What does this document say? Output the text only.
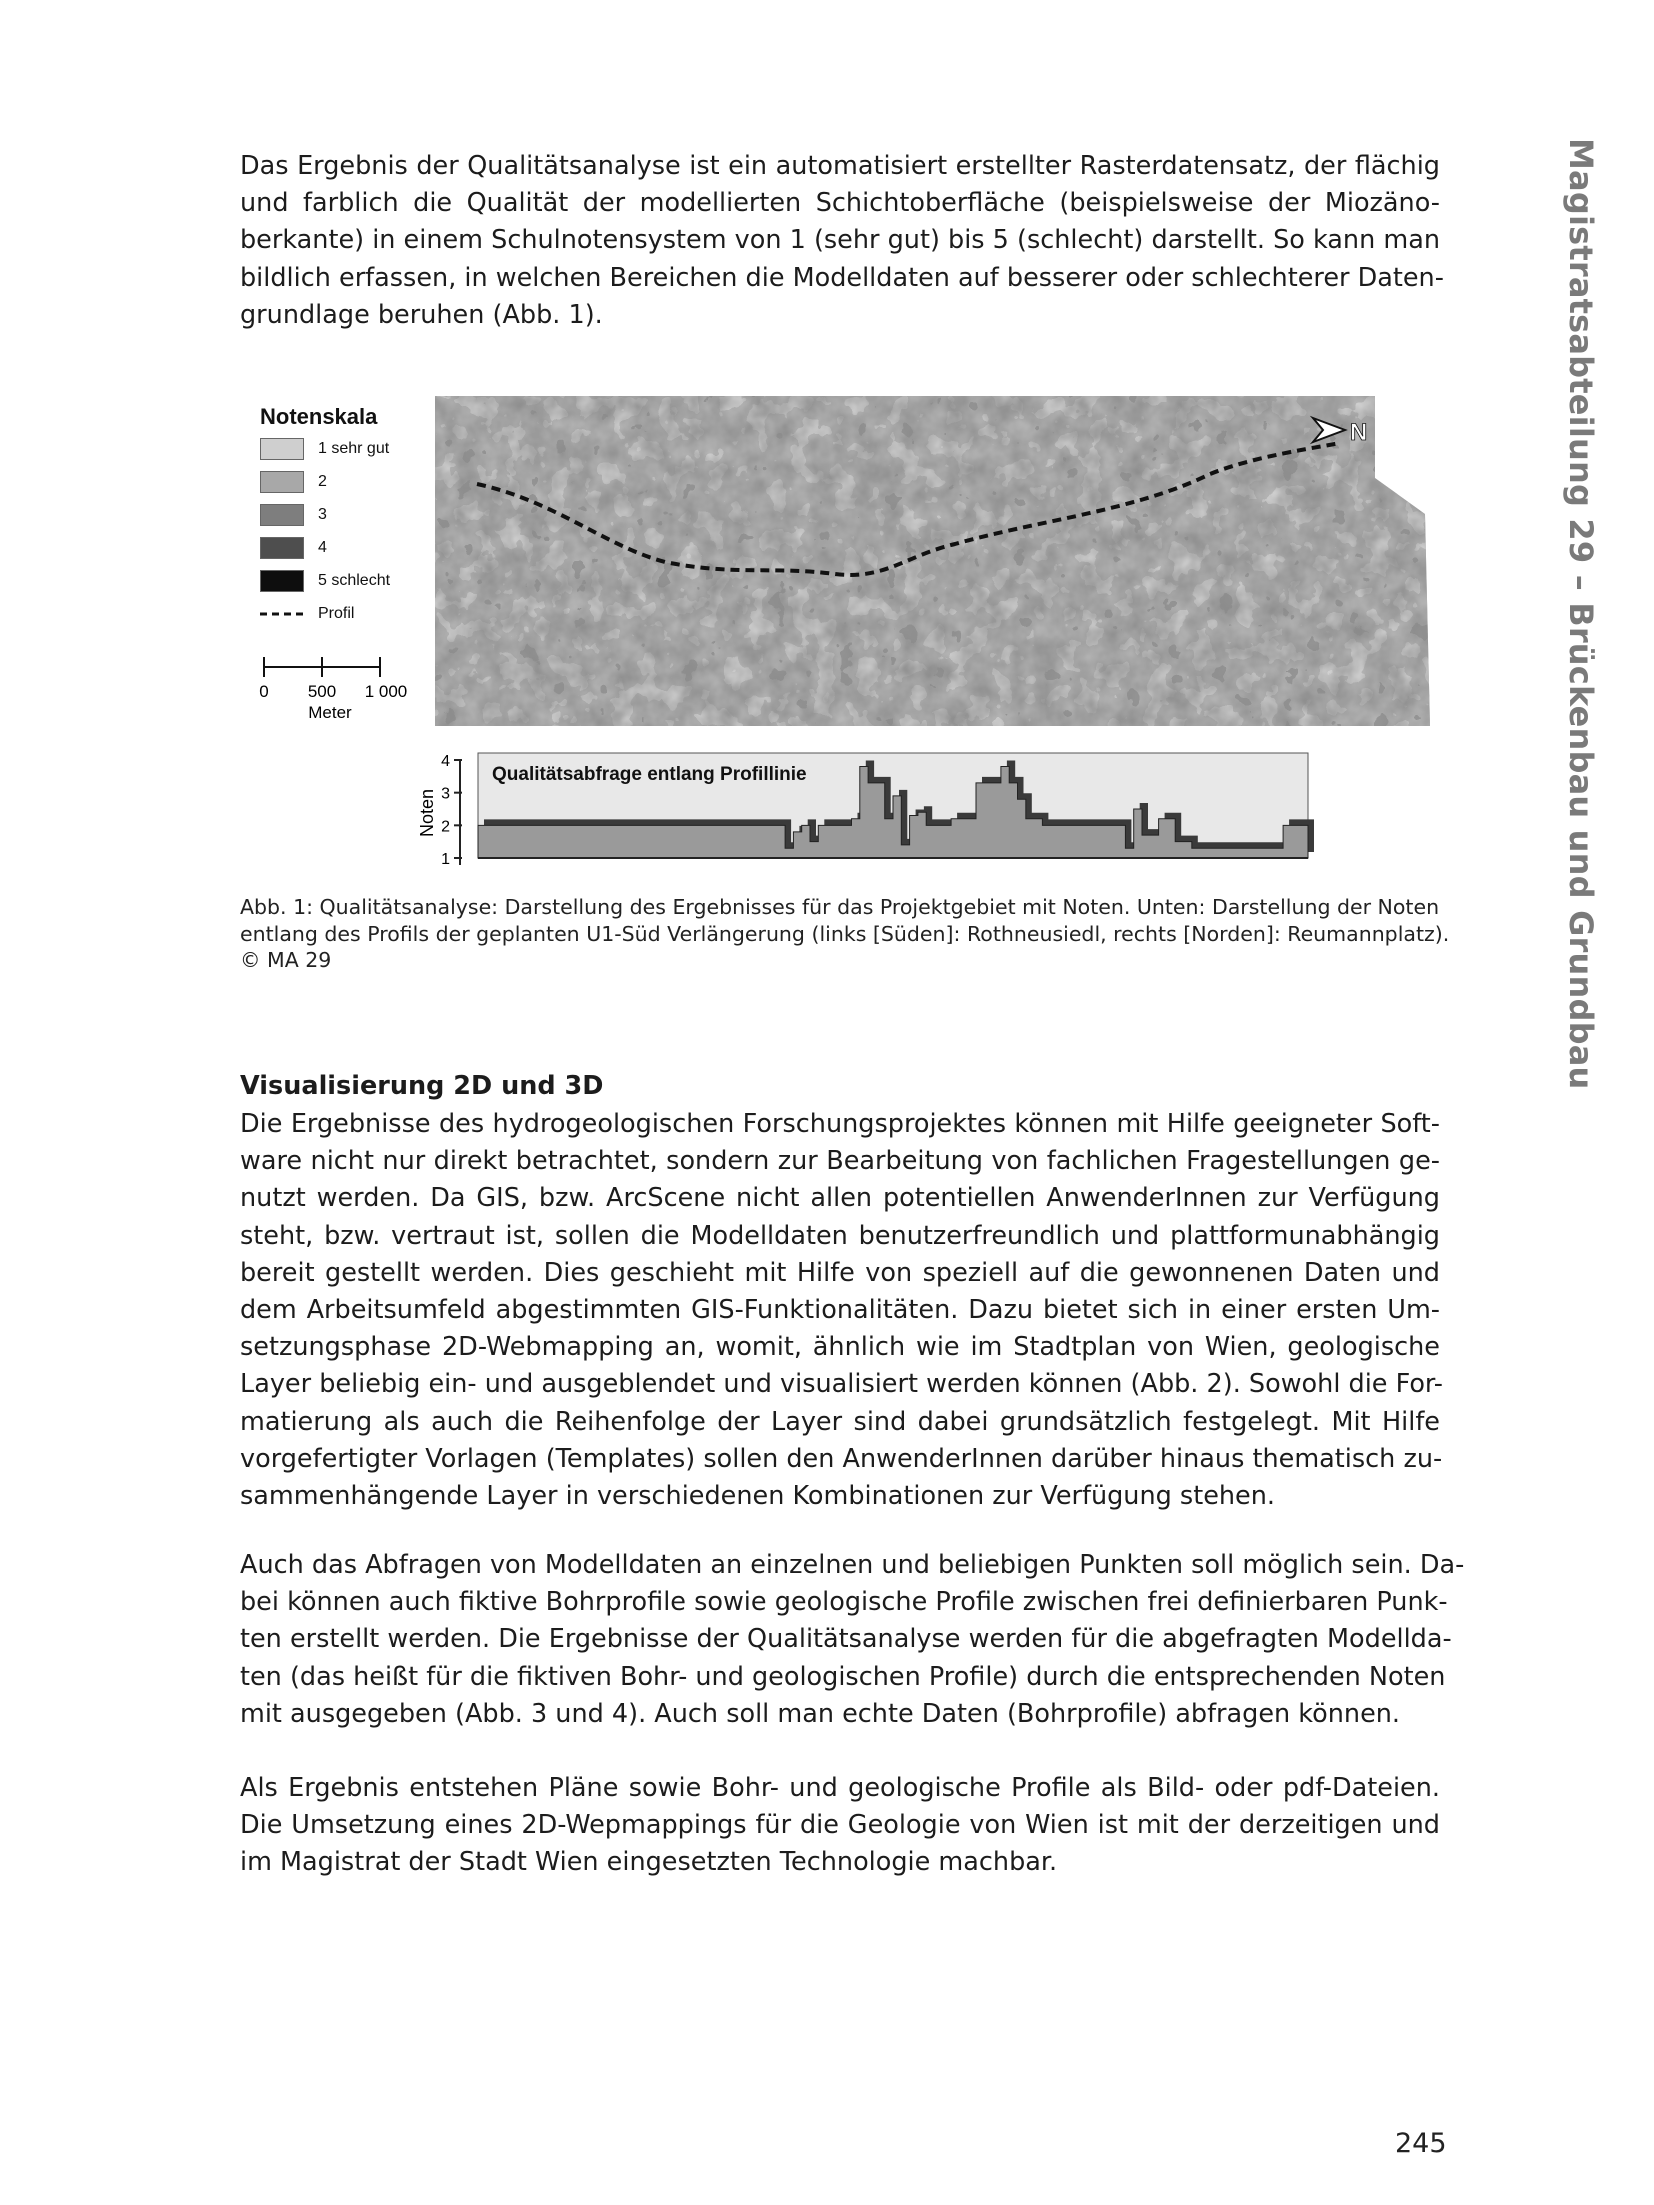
Magistratsabteilung 29 – Brückenbau und Grundbau
Das Ergebnis der Qualitätsanalyse ist ein automatisiert erstellter Rasterdatensatz, der flächig
und farblich die Qualität der modellierten Schichtoberfläche (beispielsweise der Miozäno-
berkante) in einem Schulnotensystem von 1 (sehr gut) bis 5 (schlecht) darstellt. So kann man
bildlich erfassen, in welchen Bereichen die Modelldaten auf besserer oder schlechterer Daten-
grundlage beruhen (Abb. 1).
Notenskala
1 sehr gut
2
3
4
5 schlecht
Profil
0 500 1 000
Meter
N
Noten
1
2
3
4
Qualitätsabfrage entlang Profillinie
Abb. 1: Qualitätsanalyse: Darstellung des Ergebnisses für das Projektgebiet mit Noten. Unten: Darstellung der Noten
entlang des Profils der geplanten U1-Süd Verlängerung (links [Süden]: Rothneusiedl, rechts [Norden]: Reumannplatz).
© MA 29
Visualisierung 2D und 3D
Die Ergebnisse des hydrogeologischen Forschungsprojektes können mit Hilfe geeigneter Soft-
ware nicht nur direkt betrachtet, sondern zur Bearbeitung von fachlichen Fragestellungen ge-
nutzt werden. Da GIS, bzw. ArcScene nicht allen potentiellen AnwenderInnen zur Verfügung
steht, bzw. vertraut ist, sollen die Modelldaten benutzerfreundlich und plattformunabhängig
bereit gestellt werden. Dies geschieht mit Hilfe von speziell auf die gewonnenen Daten und
dem Arbeitsumfeld abgestimmten GIS-Funktionalitäten. Dazu bietet sich in einer ersten Um-
setzungsphase 2D-Webmapping an, womit, ähnlich wie im Stadtplan von Wien, geologische
Layer beliebig ein- und ausgeblendet und visualisiert werden können (Abb. 2). Sowohl die For-
matierung als auch die Reihenfolge der Layer sind dabei grundsätzlich festgelegt. Mit Hilfe
vorgefertigter Vorlagen (Templates) sollen den AnwenderInnen darüber hinaus thematisch zu-
sammenhängende Layer in verschiedenen Kombinationen zur Verfügung stehen.
Auch das Abfragen von Modelldaten an einzelnen und beliebigen Punkten soll möglich sein. Da-
bei können auch fiktive Bohrprofile sowie geologische Profile zwischen frei definierbaren Punk-
ten erstellt werden. Die Ergebnisse der Qualitätsanalyse werden für die abgefragten Modellda-
ten (das heißt für die fiktiven Bohr- und geologischen Profile) durch die entsprechenden Noten
mit ausgegeben (Abb. 3 und 4). Auch soll man echte Daten (Bohrprofile) abfragen können.
Als Ergebnis entstehen Pläne sowie Bohr- und geologische Profile als Bild- oder pdf-Dateien.
Die Umsetzung eines 2D-Wepmappings für die Geologie von Wien ist mit der derzeitigen und
im Magistrat der Stadt Wien eingesetzten Technologie machbar.
245
